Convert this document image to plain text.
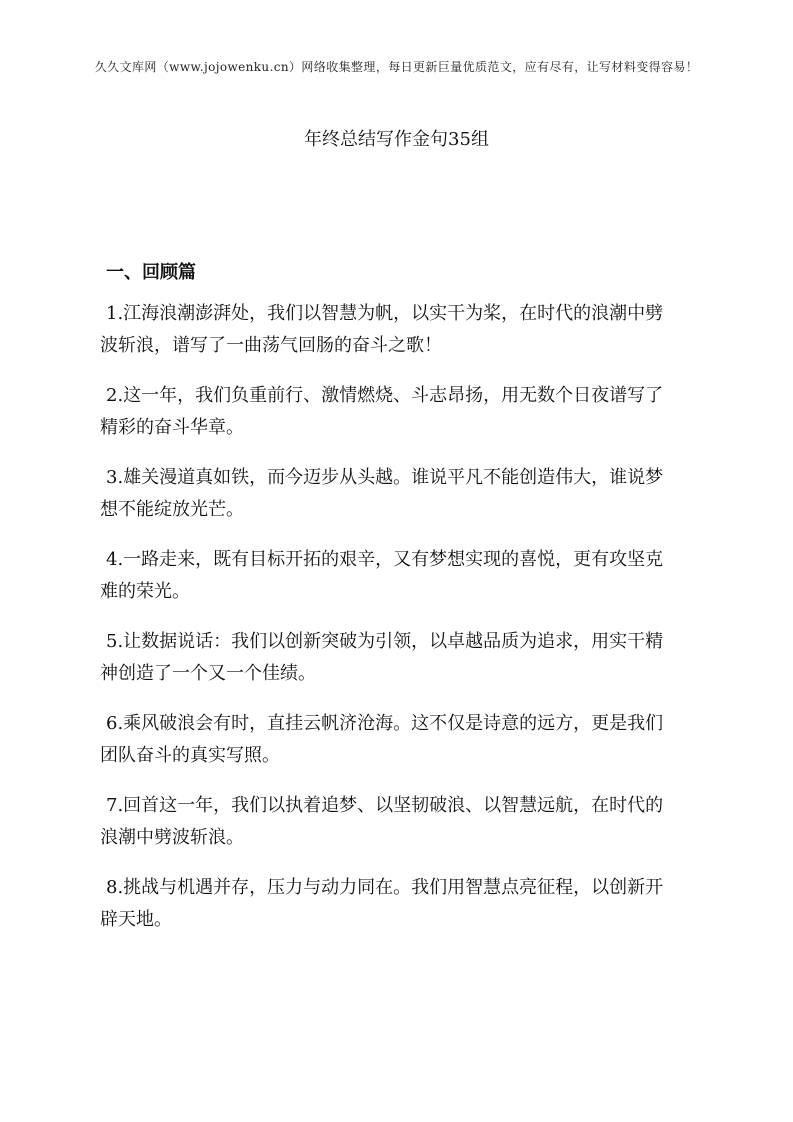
久久文库网（www.jojowenku.cn）网络收集整理，每日更新巨量优质范文，应有尽有，让写材料变得容易！
年终总结写作金句35组
一、回顾篇
1.江海浪潮澎湃处，我们以智慧为帆，以实干为桨，在时代的浪潮中劈
波斩浪，谱写了一曲荡气回肠的奋斗之歌！
2.这一年，我们负重前行、激情燃烧、斗志昂扬，用无数个日夜谱写了
精彩的奋斗华章。
3.雄关漫道真如铁，而今迈步从头越。谁说平凡不能创造伟大，谁说梦
想不能绽放光芒。
4.一路走来，既有目标开拓的艰辛，又有梦想实现的喜悦，更有攻坚克
难的荣光。
5.让数据说话：我们以创新突破为引领，以卓越品质为追求，用实干精
神创造了一个又一个佳绩。
6.乘风破浪会有时，直挂云帆济沧海。这不仅是诗意的远方，更是我们
团队奋斗的真实写照。
7.回首这一年，我们以执着追梦、以坚韧破浪、以智慧远航，在时代的
浪潮中劈波斩浪。
8.挑战与机遇并存，压力与动力同在。我们用智慧点亮征程，以创新开
辟天地。
